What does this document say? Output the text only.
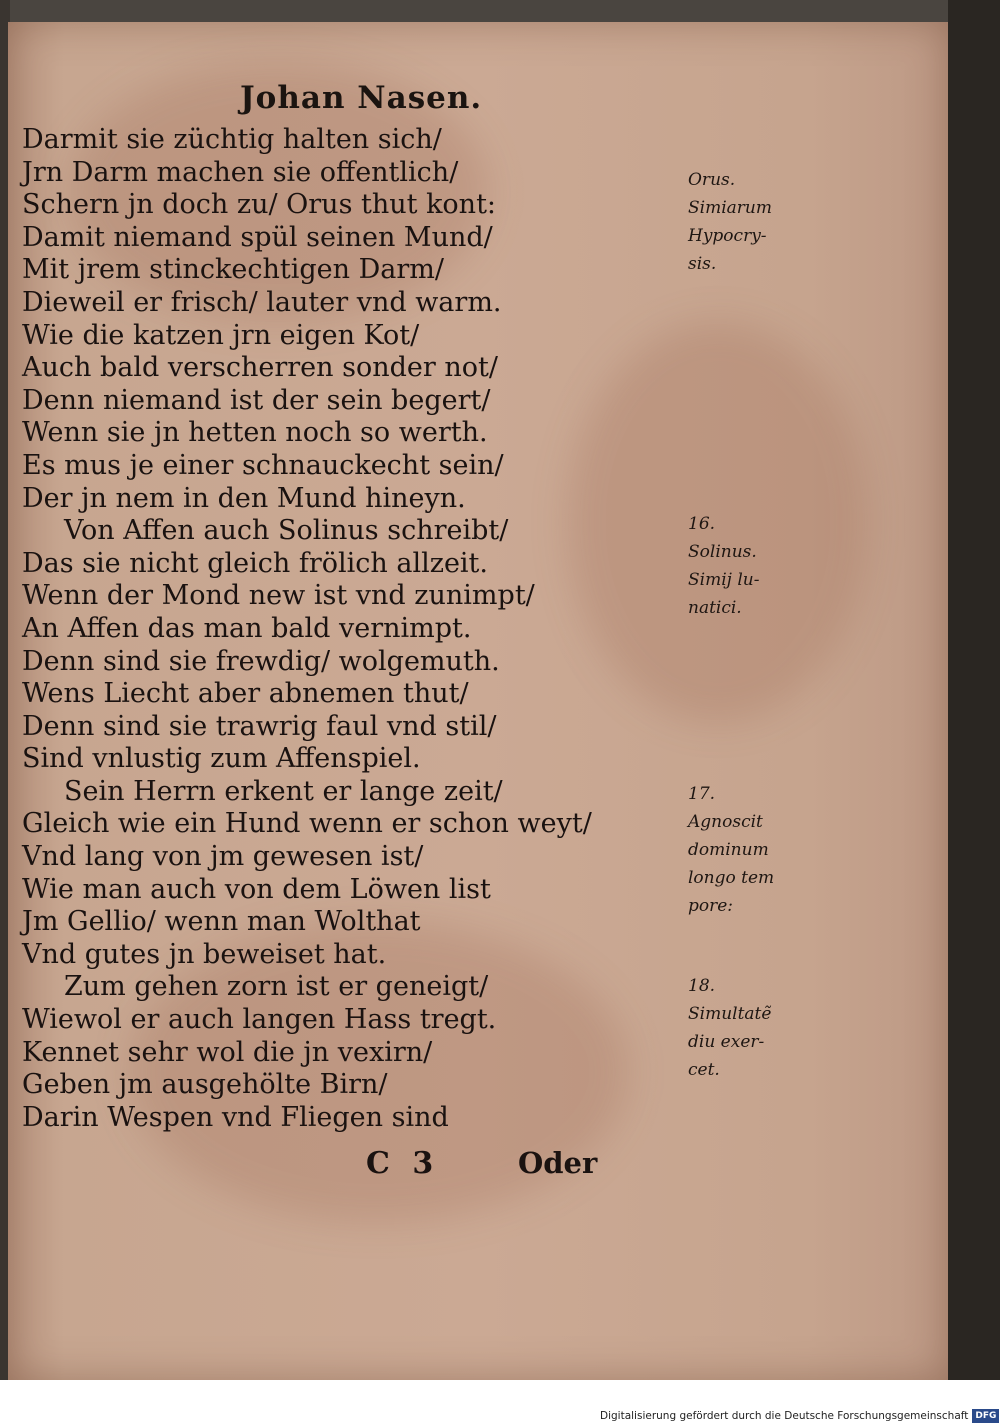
Johan Nasen.
Darmit sie züchtig halten sich/
Jrn Darm machen sie offentlich/
Schern jn doch zu/ Orus thut kont:
Damit niemand spül seinen Mund/
Mit jrem stinckechtigen Darm/
Dieweil er frisch/ lauter vnd warm.
Wie die katzen jrn eigen Kot/
Auch bald verscherren sonder not/
Denn niemand ist der sein begert/
Wenn sie jn hetten noch so werth.
Es mus je einer schnauckecht sein/
Der jn nem in den Mund hineyn.
Von Affen auch Solinus schreibt/
Das sie nicht gleich frölich allzeit.
Wenn der Mond new ist vnd zunimpt/
An Affen das man bald vernimpt.
Denn sind sie frewdig/ wolgemuth.
Wens Liecht aber abnemen thut/
Denn sind sie trawrig faul vnd stil/
Sind vnlustig zum Affenspiel.
Sein Herrn erkent er lange zeit/
Gleich wie ein Hund wenn er schon weyt/
Vnd lang von jm gewesen ist/
Wie man auch von dem Löwen list
Jm Gellio/ wenn man Wolthat
Vnd gutes jn beweiset hat.
Zum gehen zorn ist er geneigt/
Wiewol er auch langen Hass tregt.
Kennet sehr wol die jn vexirn/
Geben jm ausgehölte Birn/
Darin Wespen vnd Fliegen sind
Orus.
Simiarum
Hypocry-
sis.
16.
Solinus.
Simij lu-
natici.
17.
Agnoscit
dominum
longo tem
pore:
18.
Simultatẽ
diu exer-
cet.
C 3	Oder
Digitalisierung gefördert durch die Deutsche Forschungsgemeinschaft DFG
